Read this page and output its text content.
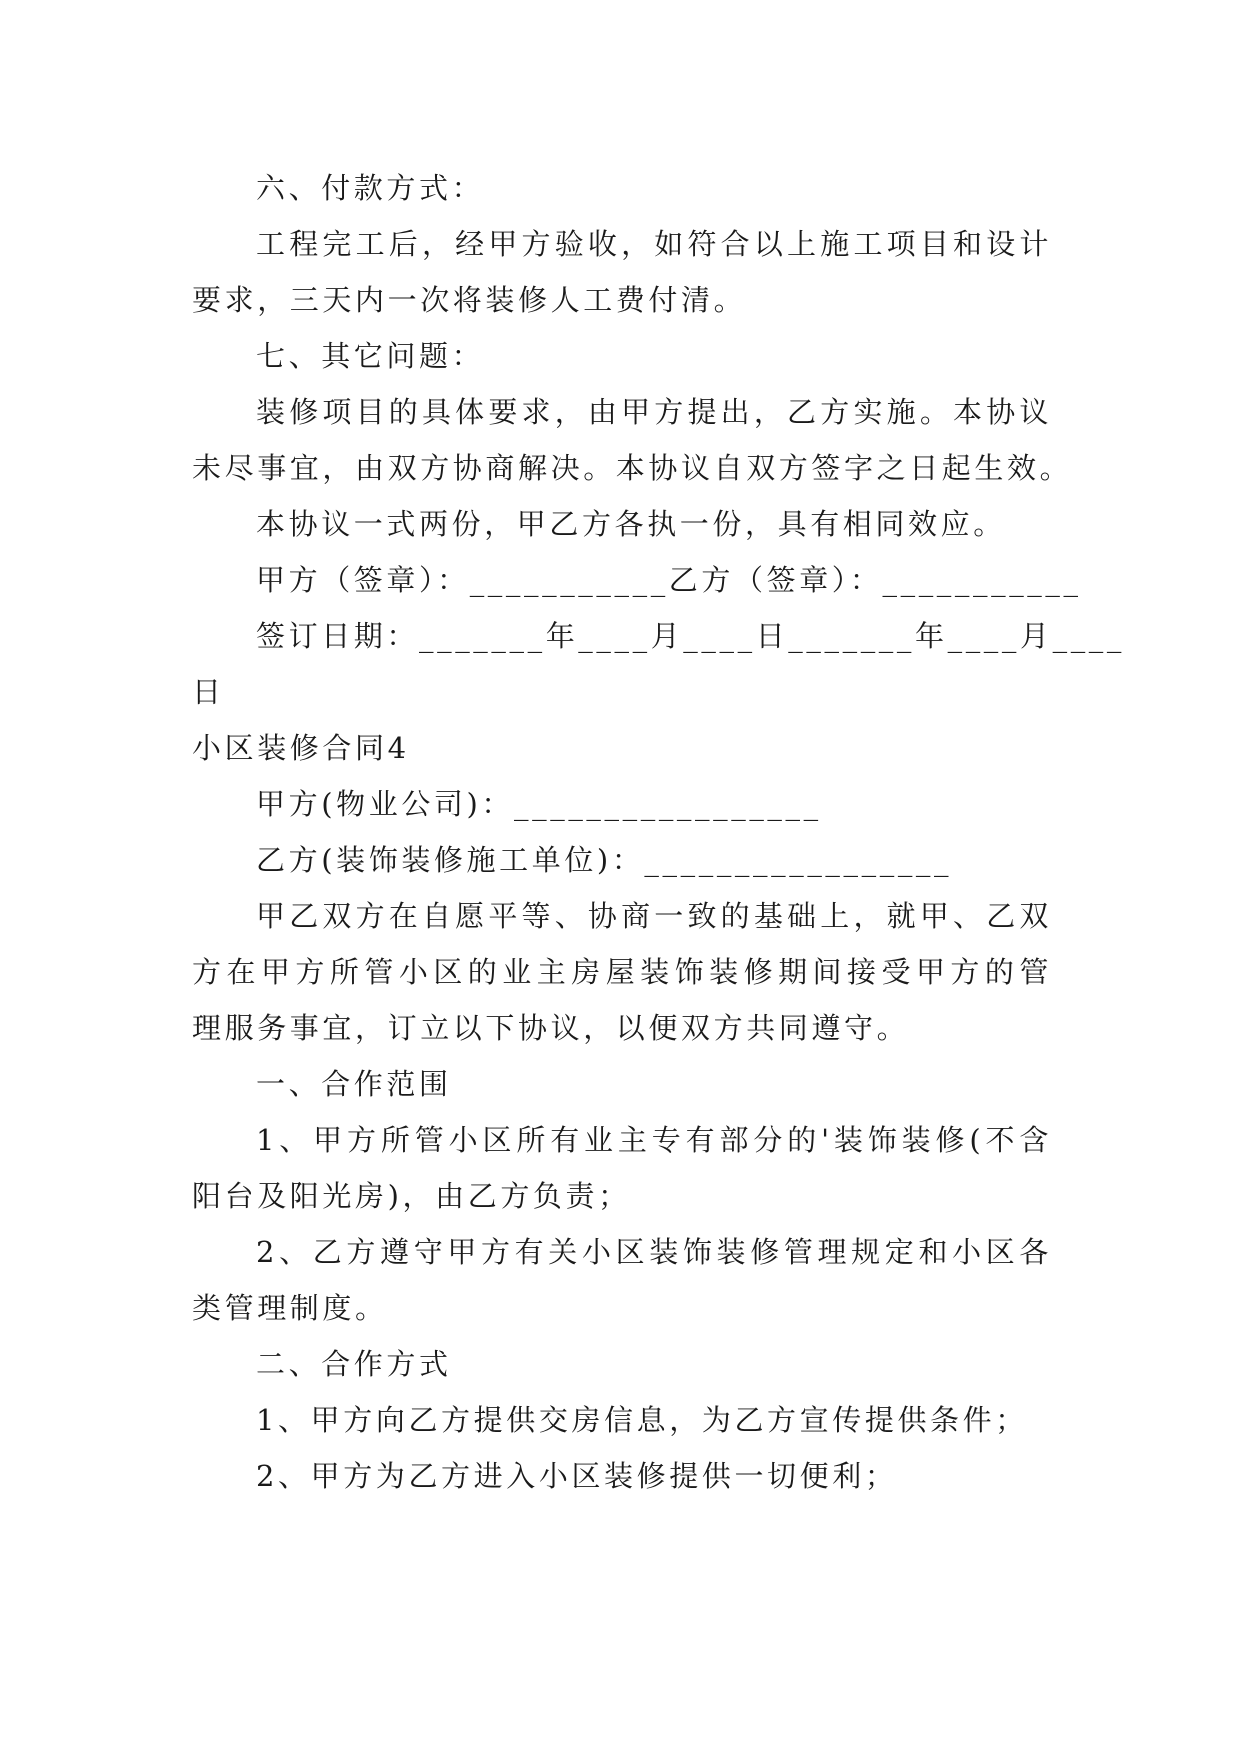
六、付款方式：
工程完工后，经甲方验收，如符合以上施工项目和设计
要求，三天内一次将装修人工费付清。
七、其它问题：
装修项目的具体要求，由甲方提出，乙方实施。本协议
未尽事宜，由双方协商解决。本协议自双方签字之日起生效。
本协议一式两份，甲乙方各执一份，具有相同效应。
甲方（签章）：___________乙方（签章）：___________
签订日期：_______年____月____日_______年____月____
日
小区装修合同4
甲方(物业公司)：_________________
乙方(装饰装修施工单位)：_________________
甲乙双方在自愿平等、协商一致的基础上，就甲、乙双
方在甲方所管小区的业主房屋装饰装修期间接受甲方的管
理服务事宜，订立以下协议，以便双方共同遵守。
一、合作范围
1、甲方所管小区所有业主专有部分的'装饰装修(不含
阳台及阳光房)，由乙方负责；
2、乙方遵守甲方有关小区装饰装修管理规定和小区各
类管理制度。
二、合作方式
1、甲方向乙方提供交房信息，为乙方宣传提供条件；
2、甲方为乙方进入小区装修提供一切便利；
